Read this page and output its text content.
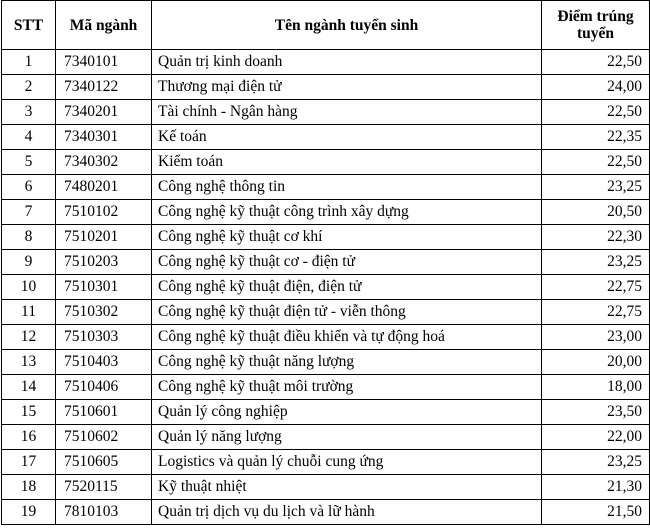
STT	Mã ngành	Tên ngành tuyển sinh	Điểm trúng tuyển
1	7340101	Quản trị kinh doanh	22,50
2	7340122	Thương mại điện tử	24,00
3	7340201	Tài chính - Ngân hàng	22,50
4	7340301	Kế toán	22,35
5	7340302	Kiểm toán	22,50
6	7480201	Công nghệ thông tin	23,25
7	7510102	Công nghệ kỹ thuật công trình xây dựng	20,50
8	7510201	Công nghệ kỹ thuật cơ khí	22,30
9	7510203	Công nghệ kỹ thuật cơ - điện tử	23,25
10	7510301	Công nghệ kỹ thuật điện, điện tử	22,75
11	7510302	Công nghệ kỹ thuật điện tử - viễn thông	22,75
12	7510303	Công nghệ kỹ thuật điều khiển và tự động hoá	23,00
13	7510403	Công nghệ kỹ thuật năng lượng	20,00
14	7510406	Công nghệ kỹ thuật môi trường	18,00
15	7510601	Quản lý công nghiệp	23,50
16	7510602	Quản lý năng lượng	22,00
17	7510605	Logistics và quản lý chuỗi cung ứng	23,25
18	7520115	Kỹ thuật nhiệt	21,30
19	7810103	Quản trị dịch vụ du lịch và lữ hành	21,50
